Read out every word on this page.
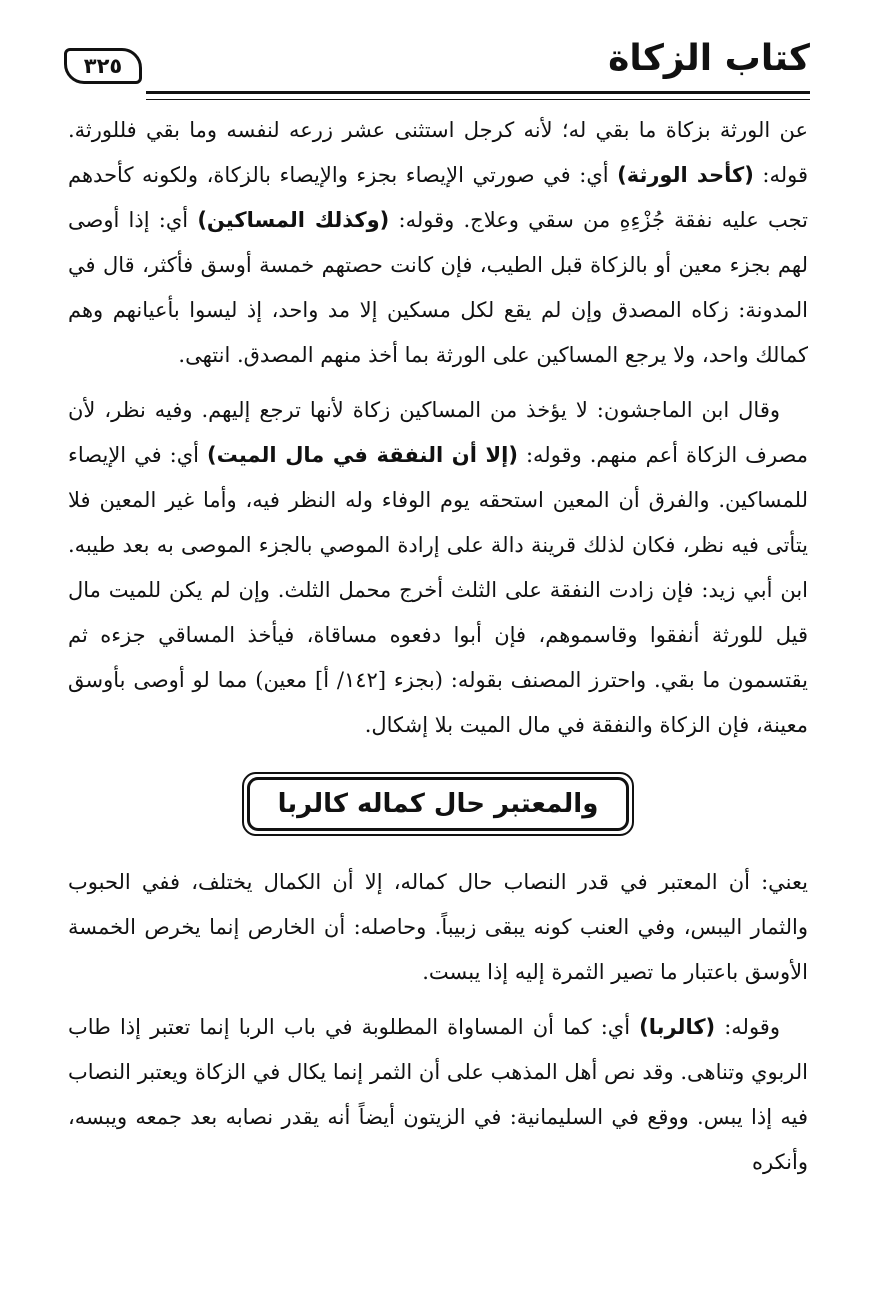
كتاب الزكاة
٣٢٥

عن الورثة بزكاة ما بقي له؛ لأنه كرجل استثنى عشر زرعه لنفسه وما بقي فللورثة. قوله: (كأحد الورثة) أي: في صورتي الإيصاء بجزء والإيصاء بالزكاة، ولكونه كأحدهم تجب عليه نفقة جُزْءِهِ من سقي وعلاج. وقوله: (وكذلك المساكين) أي: إذا أوصى لهم بجزء معين أو بالزكاة قبل الطيب، فإن كانت حصتهم خمسة أوسق فأكثر، قال في المدونة: زكاه المصدق وإن لم يقع لكل مسكين إلا مد واحد، إذ ليسوا بأعيانهم وهم كمالك واحد، ولا يرجع المساكين على الورثة بما أخذ منهم المصدق. انتهى.

وقال ابن الماجشون: لا يؤخذ من المساكين زكاة لأنها ترجع إليهم. وفيه نظر، لأن مصرف الزكاة أعم منهم. وقوله: (إلا أن النفقة في مال الميت) أي: في الإيصاء للمساكين. والفرق أن المعين استحقه يوم الوفاء وله النظر فيه، وأما غير المعين فلا يتأتى فيه نظر، فكان لذلك قرينة دالة على إرادة الموصي بالجزء الموصى به بعد طيبه. ابن أبي زيد: فإن زادت النفقة على الثلث أخرج محمل الثلث. وإن لم يكن للميت مال قيل للورثة أنفقوا وقاسموهم، فإن أبوا دفعوه مساقاة، فيأخذ المساقي جزءه ثم يقتسمون ما بقي. واحترز المصنف بقوله: (بجزء [١٤٢/ أ] معين) مما لو أوصى بأوسق معينة، فإن الزكاة والنفقة في مال الميت بلا إشكال.

والمعتبر حال كماله كالربا

يعني: أن المعتبر في قدر النصاب حال كماله، إلا أن الكمال يختلف، ففي الحبوب والثمار اليبس، وفي العنب كونه يبقى زبيباً. وحاصله: أن الخارص إنما يخرص الخمسة الأوسق باعتبار ما تصير الثمرة إليه إذا يبست.

وقوله: (كالربا) أي: كما أن المساواة المطلوبة في باب الربا إنما تعتبر إذا طاب الربوي وتناهى. وقد نص أهل المذهب على أن الثمر إنما يكال في الزكاة ويعتبر النصاب فيه إذا يبس. ووقع في السليمانية: في الزيتون أيضاً أنه يقدر نصابه بعد جمعه ويبسه، وأنكره
